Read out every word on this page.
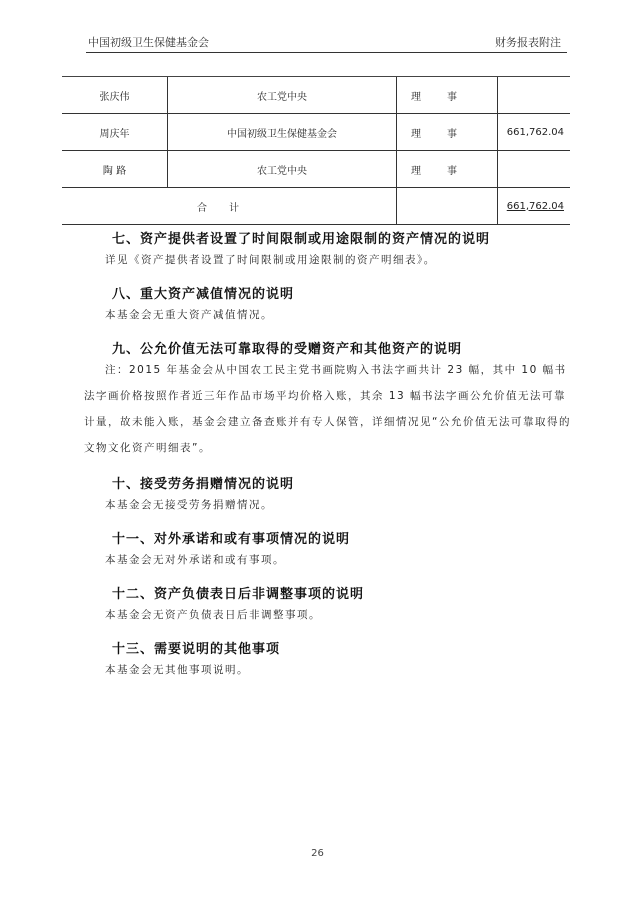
中国初级卫生保健基金会	财务报表附注
张庆伟	农工党中央	理事	
周庆年	中国初级卫生保健基金会	理事	661,762.04
陶 路	农工党中央	理事	
合计			661,762.04
七、资产提供者设置了时间限制或用途限制的资产情况的说明

详见《资产提供者设置了时间限制或用途限制的资产明细表》。

八、重大资产减值情况的说明

本基金会无重大资产减值情况。

九、公允价值无法可靠取得的受赠资产和其他资产的说明

注：2015 年基金会从中国农工民主党书画院购入书法字画共计 23 幅，其中 10 幅书法字画价格按照作者近三年作品市场平均价格入账，其余 13 幅书法字画公允价值无法可靠计量，故未能入账，基金会建立备查账并有专人保管，详细情况见“公允价值无法可靠取得的文物文化资产明细表”。

十、接受劳务捐赠情况的说明

本基金会无接受劳务捐赠情况。

十一、对外承诺和或有事项情况的说明

本基金会无对外承诺和或有事项。

十二、资产负债表日后非调整事项的说明

本基金会无资产负债表日后非调整事项。

十三、需要说明的其他事项

本基金会无其他事项说明。

26
